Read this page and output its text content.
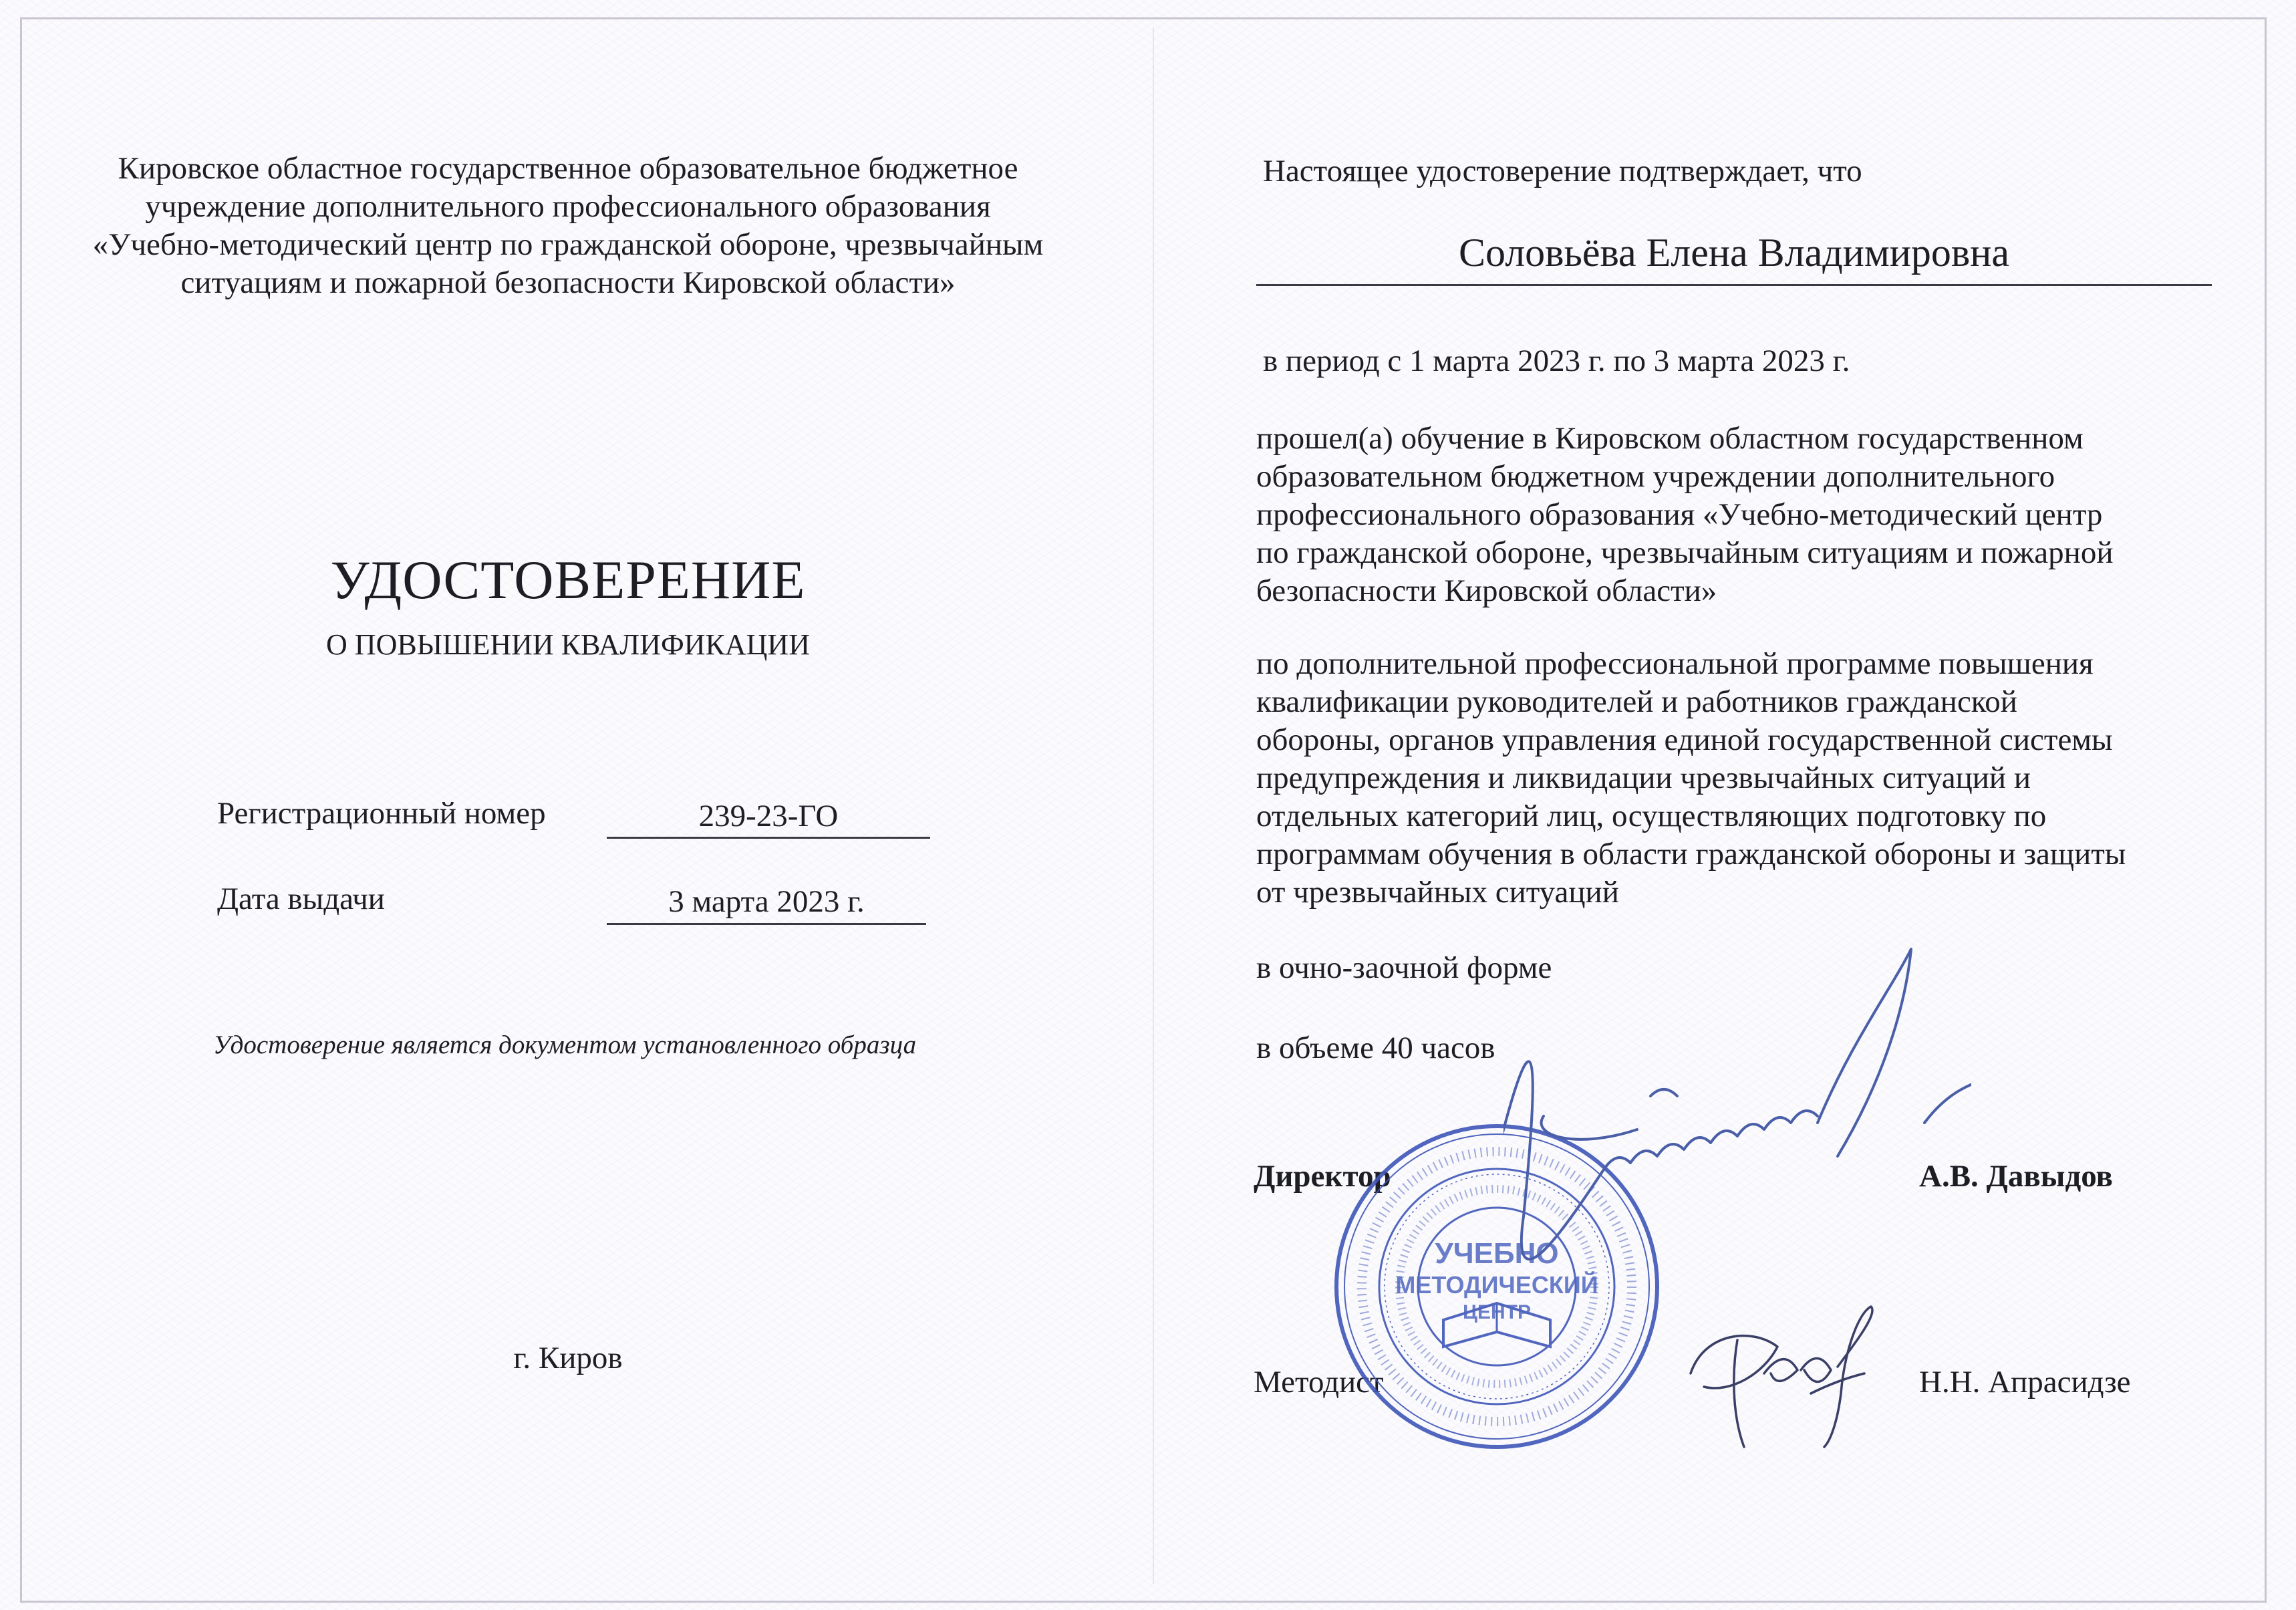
Кировское областное государственное образовательное бюджетное
учреждение дополнительного профессионального образования
«Учебно-методический центр по гражданской обороне, чрезвычайным
ситуациям и пожарной безопасности Кировской области»
УДОСТОВЕРЕНИЕ
О ПОВЫШЕНИИ КВАЛИФИКАЦИИ
Регистрационный номер	239-23-ГО
Дата выдачи	3 марта 2023 г.
Удостоверение является документом установленного образца
г. Киров
Настоящее удостоверение подтверждает, что
Соловьёва Елена Владимировна
в период с 1 марта 2023 г. по 3 марта 2023 г.
прошел(а) обучение в Кировском областном государственном
образовательном бюджетном учреждении дополнительного
профессионального образования «Учебно-методический центр
по гражданской обороне, чрезвычайным ситуациям и пожарной
безопасности Кировской области»
по дополнительной профессиональной программе повышения
квалификации руководителей и работников гражданской
обороны, органов управления единой государственной системы
предупреждения и ликвидации чрезвычайных ситуаций и
отдельных категорий лиц, осуществляющих подготовку по
программам обучения в области гражданской обороны и защиты
от чрезвычайных ситуаций
в очно-заочной форме
в объеме 40 часов
Директор	А.В. Давыдов
Методист	Н.Н. Апрасидзе
УЧЕБНО
МЕТОДИЧЕСКИЙ
ЦЕНТР
